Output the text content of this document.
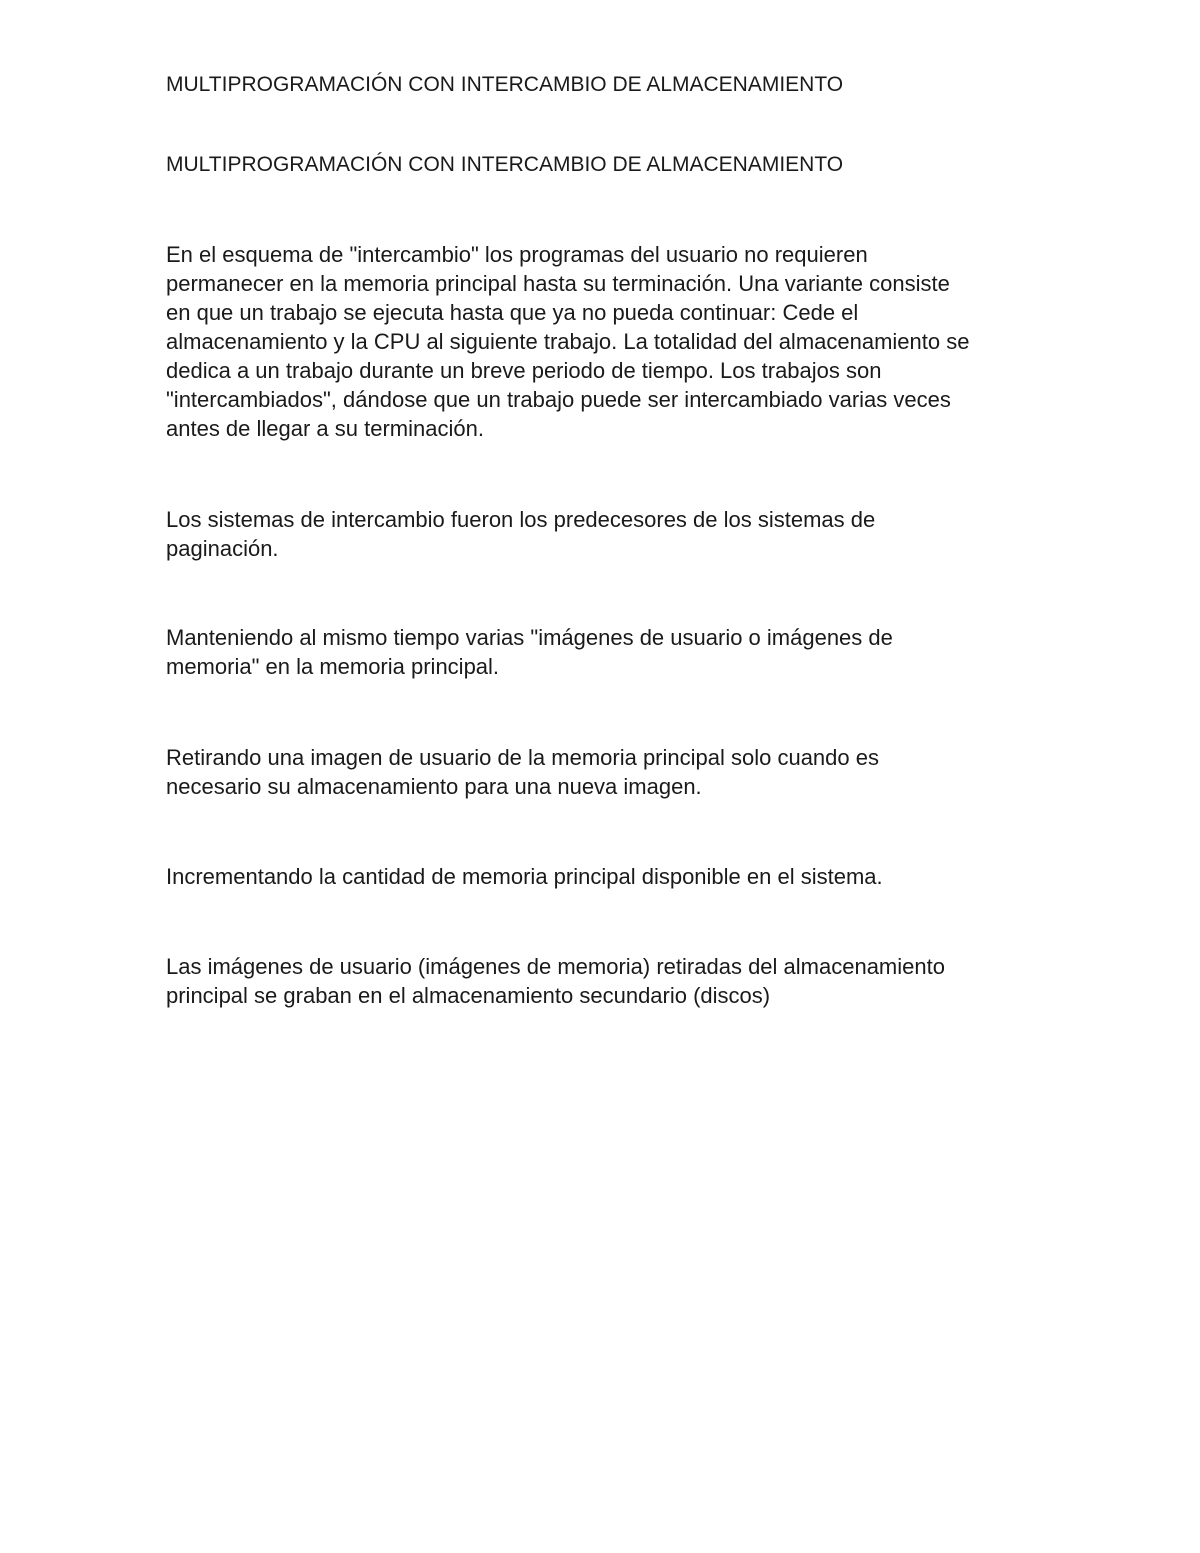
MULTIPROGRAMACIÓN CON INTERCAMBIO DE ALMACENAMIENTO

MULTIPROGRAMACIÓN CON INTERCAMBIO DE ALMACENAMIENTO

En el esquema de "intercambio" los programas del usuario no requieren
permanecer en la memoria principal hasta su terminación. Una variante consiste
en que un trabajo se ejecuta hasta que ya no pueda continuar: Cede el
almacenamiento y la CPU al siguiente trabajo. La totalidad del almacenamiento se
dedica a un trabajo durante un breve periodo de tiempo. Los trabajos son
"intercambiados", dándose que un trabajo puede ser intercambiado varias veces
antes de llegar a su terminación.

Los sistemas de intercambio fueron los predecesores de los sistemas de
paginación.

Manteniendo al mismo tiempo varias "imágenes de usuario o imágenes de
memoria" en la memoria principal.

Retirando una imagen de usuario de la memoria principal solo cuando es
necesario su almacenamiento para una nueva imagen.

Incrementando la cantidad de memoria principal disponible en el sistema.

Las imágenes de usuario (imágenes de memoria) retiradas del almacenamiento
principal se graban en el almacenamiento secundario (discos)
